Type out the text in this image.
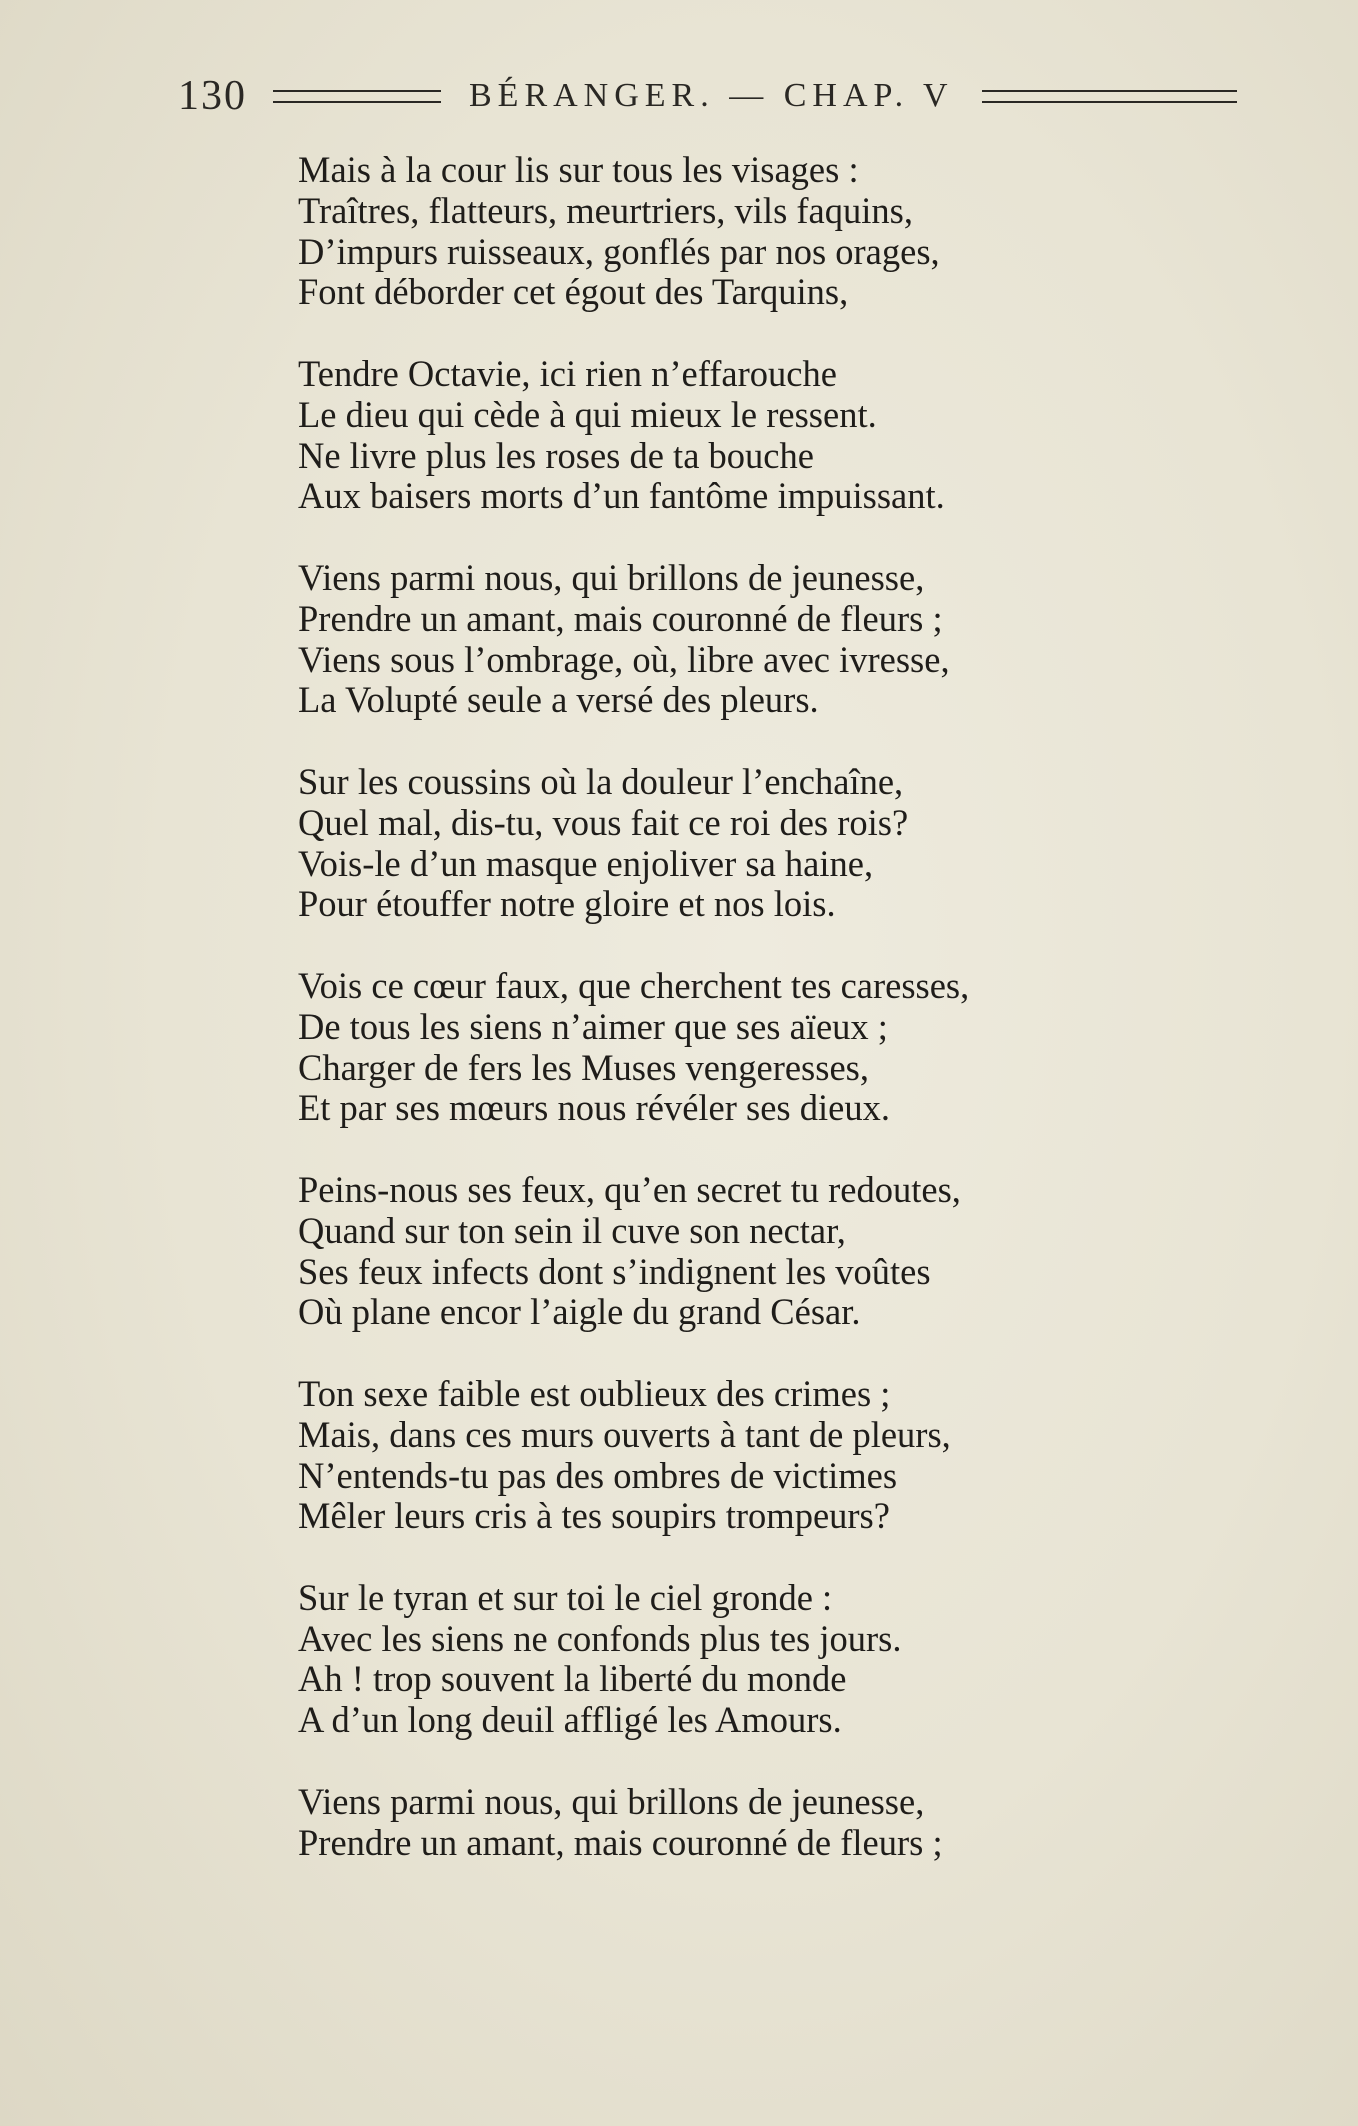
130	BÉRANGER. — CHAP. V
Mais à la cour lis sur tous les visages :
Traîtres, flatteurs, meurtriers, vils faquins,
D’impurs ruisseaux, gonflés par nos orages,
Font déborder cet égout des Tarquins,
Tendre Octavie, ici rien n’effarouche
Le dieu qui cède à qui mieux le ressent.
Ne livre plus les roses de ta bouche
Aux baisers morts d’un fantôme impuissant.
Viens parmi nous, qui brillons de jeunesse,
Prendre un amant, mais couronné de fleurs ;
Viens sous l’ombrage, où, libre avec ivresse,
La Volupté seule a versé des pleurs.
Sur les coussins où la douleur l’enchaîne,
Quel mal, dis-tu, vous fait ce roi des rois?
Vois-le d’un masque enjoliver sa haine,
Pour étouffer notre gloire et nos lois.
Vois ce cœur faux, que cherchent tes caresses,
De tous les siens n’aimer que ses aïeux ;
Charger de fers les Muses vengeresses,
Et par ses mœurs nous révéler ses dieux.
Peins-nous ses feux, qu’en secret tu redoutes,
Quand sur ton sein il cuve son nectar,
Ses feux infects dont s’indignent les voûtes
Où plane encor l’aigle du grand César.
Ton sexe faible est oublieux des crimes ;
Mais, dans ces murs ouverts à tant de pleurs,
N’entends-tu pas des ombres de victimes
Mêler leurs cris à tes soupirs trompeurs?
Sur le tyran et sur toi le ciel gronde :
Avec les siens ne confonds plus tes jours.
Ah ! trop souvent la liberté du monde
A d’un long deuil affligé les Amours.
Viens parmi nous, qui brillons de jeunesse,
Prendre un amant, mais couronné de fleurs ;
